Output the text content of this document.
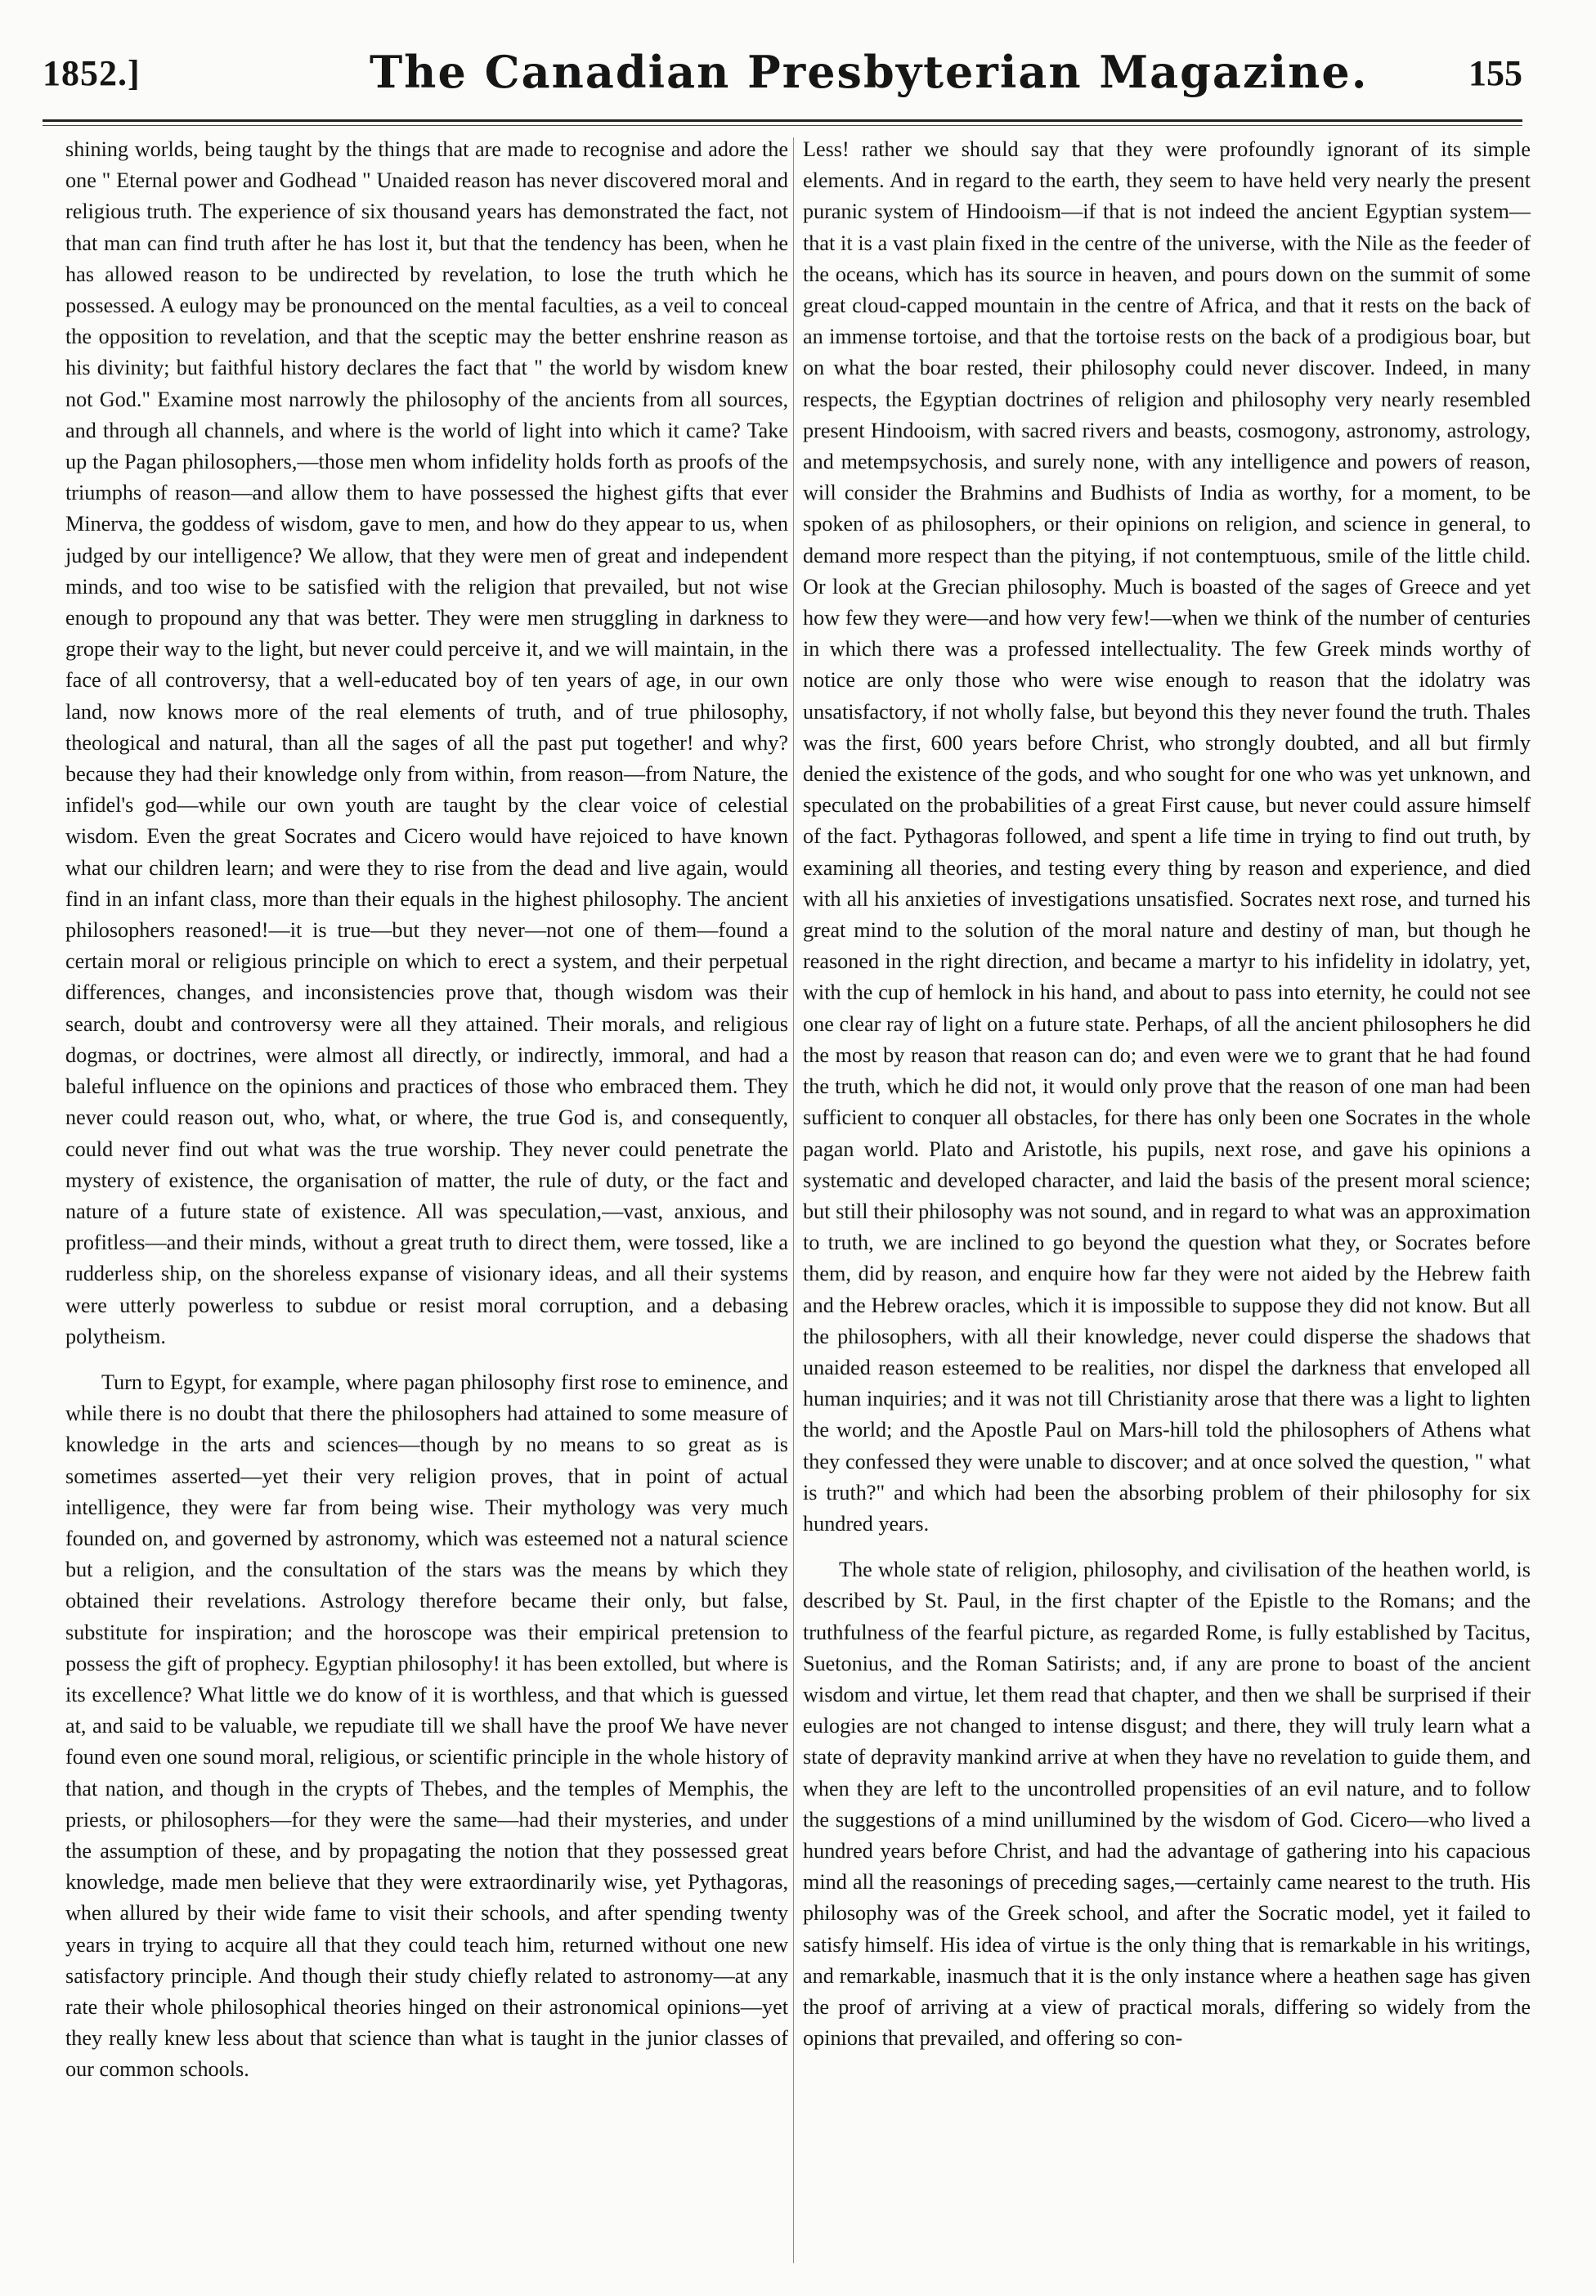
1852.]	The Canadian Presbyterian Magazine.	155

shining worlds, being taught by the things that are made to recognise and adore the one " Eternal power and Godhead " Unaided reason has never discovered moral and religious truth. The experience of six thousand years has demonstrated the fact, not that man can find truth after he has lost it, but that the tendency has been, when he has allowed reason to be undirected by revelation, to lose the truth which he possessed. A eulogy may be pronounced on the mental faculties, as a veil to conceal the opposition to revelation, and that the sceptic may the better enshrine reason as his divinity; but faithful history declares the fact that " the world by wisdom knew not God." Examine most narrowly the philosophy of the ancients from all sources, and through all channels, and where is the world of light into which it came? Take up the Pagan philosophers,—those men whom infidelity holds forth as proofs of the triumphs of reason—and allow them to have possessed the highest gifts that ever Minerva, the goddess of wisdom, gave to men, and how do they appear to us, when judged by our intelligence? We allow, that they were men of great and independent minds, and too wise to be satisfied with the religion that prevailed, but not wise enough to propound any that was better. They were men struggling in darkness to grope their way to the light, but never could perceive it, and we will maintain, in the face of all controversy, that a well-educated boy of ten years of age, in our own land, now knows more of the real elements of truth, and of true philosophy, theological and natural, than all the sages of all the past put together! and why? because they had their knowledge only from within, from reason—from Nature, the infidel's god—while our own youth are taught by the clear voice of celestial wisdom. Even the great Socrates and Cicero would have rejoiced to have known what our children learn; and were they to rise from the dead and live again, would find in an infant class, more than their equals in the highest philosophy. The ancient philosophers reasoned!—it is true—but they never—not one of them—found a certain moral or religious principle on which to erect a system, and their perpetual differences, changes, and inconsistencies prove that, though wisdom was their search, doubt and controversy were all they attained. Their morals, and religious dogmas, or doctrines, were almost all directly, or indirectly, immoral, and had a baleful influence on the opinions and practices of those who embraced them. They never could reason out, who, what, or where, the true God is, and consequently, could never find out what was the true worship. They never could penetrate the mystery of existence, the organisation of matter, the rule of duty, or the fact and nature of a future state of existence. All was speculation,—vast, anxious, and profitless—and their minds, without a great truth to direct them, were tossed, like a rudderless ship, on the shoreless expanse of visionary ideas, and all their systems were utterly powerless to subdue or resist moral corruption, and a debasing polytheism.

Turn to Egypt, for example, where pagan philosophy first rose to eminence, and while there is no doubt that there the philosophers had attained to some measure of knowledge in the arts and sciences—though by no means to so great as is sometimes asserted—yet their very religion proves, that in point of actual intelligence, they were far from being wise. Their mythology was very much founded on, and governed by astronomy, which was esteemed not a natural science but a religion, and the consultation of the stars was the means by which they obtained their revelations. Astrology therefore became their only, but false, substitute for inspiration; and the horoscope was their empirical pretension to possess the gift of prophecy. Egyptian philosophy! it has been extolled, but where is its excellence? What little we do know of it is worthless, and that which is guessed at, and said to be valuable, we repudiate till we shall have the proof We have never found even one sound moral, religious, or scientific principle in the whole history of that nation, and though in the crypts of Thebes, and the temples of Memphis, the priests, or philosophers—for they were the same—had their mysteries, and under the assumption of these, and by propagating the notion that they possessed great knowledge, made men believe that they were extraordinarily wise, yet Pythagoras, when allured by their wide fame to visit their schools, and after spending twenty years in trying to acquire all that they could teach him, returned without one new satisfactory principle. And though their study chiefly related to astronomy—at any rate their whole philosophical theories hinged on their astronomical opinions—yet they really knew less about that science than what is taught in the junior classes of our common schools.

Less! rather we should say that they were profoundly ignorant of its simple elements. And in regard to the earth, they seem to have held very nearly the present puranic system of Hindooism—if that is not indeed the ancient Egyptian system—that it is a vast plain fixed in the centre of the universe, with the Nile as the feeder of the oceans, which has its source in heaven, and pours down on the summit of some great cloud-capped mountain in the centre of Africa, and that it rests on the back of an immense tortoise, and that the tortoise rests on the back of a prodigious boar, but on what the boar rested, their philosophy could never discover. Indeed, in many respects, the Egyptian doctrines of religion and philosophy very nearly resembled present Hindooism, with sacred rivers and beasts, cosmogony, astronomy, astrology, and metempsychosis, and surely none, with any intelligence and powers of reason, will consider the Brahmins and Budhists of India as worthy, for a moment, to be spoken of as philosophers, or their opinions on religion, and science in general, to demand more respect than the pitying, if not contemptuous, smile of the little child. Or look at the Grecian philosophy. Much is boasted of the sages of Greece and yet how few they were—and how very few!—when we think of the number of centuries in which there was a professed intellectuality. The few Greek minds worthy of notice are only those who were wise enough to reason that the idolatry was unsatisfactory, if not wholly false, but beyond this they never found the truth. Thales was the first, 600 years before Christ, who strongly doubted, and all but firmly denied the existence of the gods, and who sought for one who was yet unknown, and speculated on the probabilities of a great First cause, but never could assure himself of the fact. Pythagoras followed, and spent a life time in trying to find out truth, by examining all theories, and testing every thing by reason and experience, and died with all his anxieties of investigations unsatisfied. Socrates next rose, and turned his great mind to the solution of the moral nature and destiny of man, but though he reasoned in the right direction, and became a martyr to his infidelity in idolatry, yet, with the cup of hemlock in his hand, and about to pass into eternity, he could not see one clear ray of light on a future state. Perhaps, of all the ancient philosophers he did the most by reason that reason can do; and even were we to grant that he had found the truth, which he did not, it would only prove that the reason of one man had been sufficient to conquer all obstacles, for there has only been one Socrates in the whole pagan world. Plato and Aristotle, his pupils, next rose, and gave his opinions a systematic and developed character, and laid the basis of the present moral science; but still their philosophy was not sound, and in regard to what was an approximation to truth, we are inclined to go beyond the question what they, or Socrates before them, did by reason, and enquire how far they were not aided by the Hebrew faith and the Hebrew oracles, which it is impossible to suppose they did not know. But all the philosophers, with all their knowledge, never could disperse the shadows that unaided reason esteemed to be realities, nor dispel the darkness that enveloped all human inquiries; and it was not till Christianity arose that there was a light to lighten the world; and the Apostle Paul on Mars-hill told the philosophers of Athens what they confessed they were unable to discover; and at once solved the question, " what is truth?" and which had been the absorbing problem of their philosophy for six hundred years.

The whole state of religion, philosophy, and civilisation of the heathen world, is described by St. Paul, in the first chapter of the Epistle to the Romans; and the truthfulness of the fearful picture, as regarded Rome, is fully established by Tacitus, Suetonius, and the Roman Satirists; and, if any are prone to boast of the ancient wisdom and virtue, let them read that chapter, and then we shall be surprised if their eulogies are not changed to intense disgust; and there, they will truly learn what a state of depravity mankind arrive at when they have no revelation to guide them, and when they are left to the uncontrolled propensities of an evil nature, and to follow the suggestions of a mind unillumined by the wisdom of God. Cicero—who lived a hundred years before Christ, and had the advantage of gathering into his capacious mind all the reasonings of preceding sages,—certainly came nearest to the truth. His philosophy was of the Greek school, and after the Socratic model, yet it failed to satisfy himself. His idea of virtue is the only thing that is remarkable in his writings, and remarkable, inasmuch that it is the only instance where a heathen sage has given the proof of arriving at a view of practical morals, differing so widely from the opinions that prevailed, and offering so con-
